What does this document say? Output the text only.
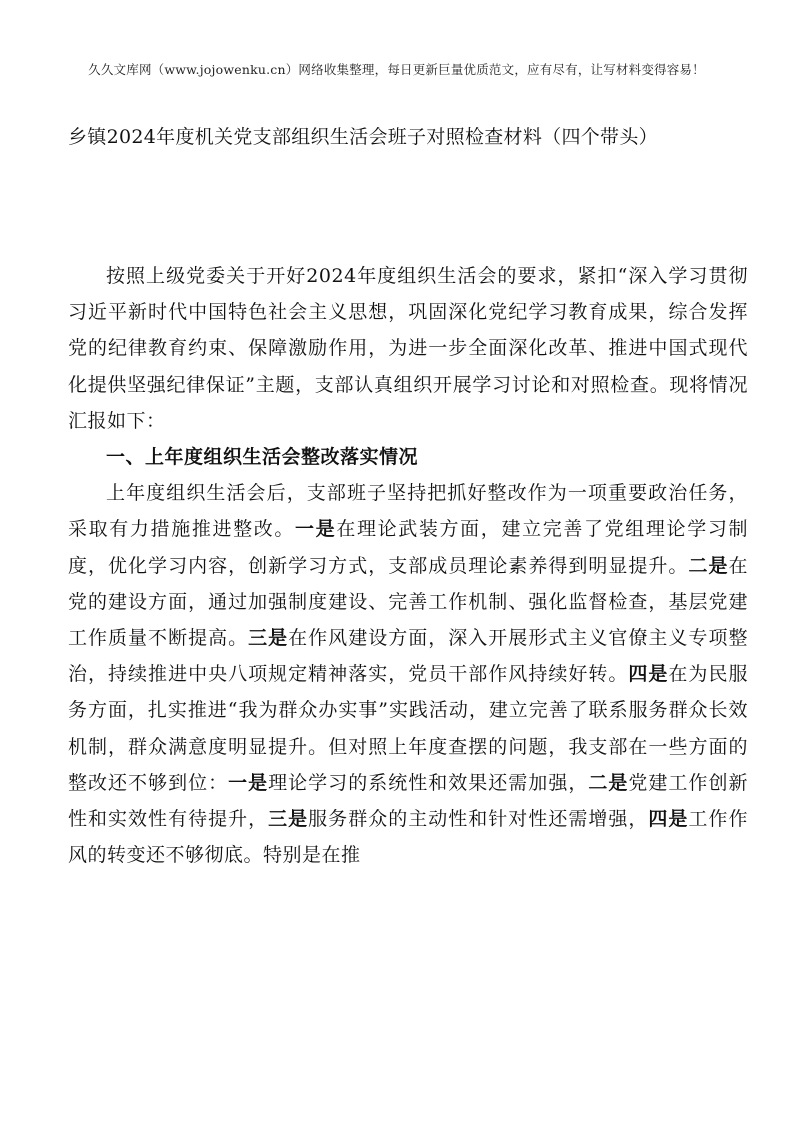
久久文库网（www.jojowenku.cn）网络收集整理，每日更新巨量优质范文，应有尽有，让写材料变得容易！
乡镇2024年度机关党支部组织生活会班子对照检查材料（四个带头）

按照上级党委关于开好2024年度组织生活会的要求，紧扣“深入学习贯彻习近平新时代中国特色社会主义思想，巩固深化党纪学习教育成果，综合发挥党的纪律教育约束、保障激励作用，为进一步全面深化改革、推进中国式现代化提供坚强纪律保证”主题，支部认真组织开展学习讨论和对照检查。现将情况汇报如下：

一、上年度组织生活会整改落实情况

上年度组织生活会后，支部班子坚持把抓好整改作为一项重要政治任务，采取有力措施推进整改。一是在理论武装方面，建立完善了党组理论学习制度，优化学习内容，创新学习方式，支部成员理论素养得到明显提升。二是在党的建设方面，通过加强制度建设、完善工作机制、强化监督检查，基层党建工作质量不断提高。三是在作风建设方面，深入开展形式主义官僚主义专项整治，持续推进中央八项规定精神落实，党员干部作风持续好转。四是在为民服务方面，扎实推进“我为群众办实事”实践活动，建立完善了联系服务群众长效机制，群众满意度明显提升。但对照上年度查摆的问题，我支部在一些方面的整改还不够到位：一是理论学习的系统性和效果还需加强，二是党建工作创新性和实效性有待提升，三是服务群众的主动性和针对性还需增强，四是工作作风的转变还不够彻底。特别是在推
